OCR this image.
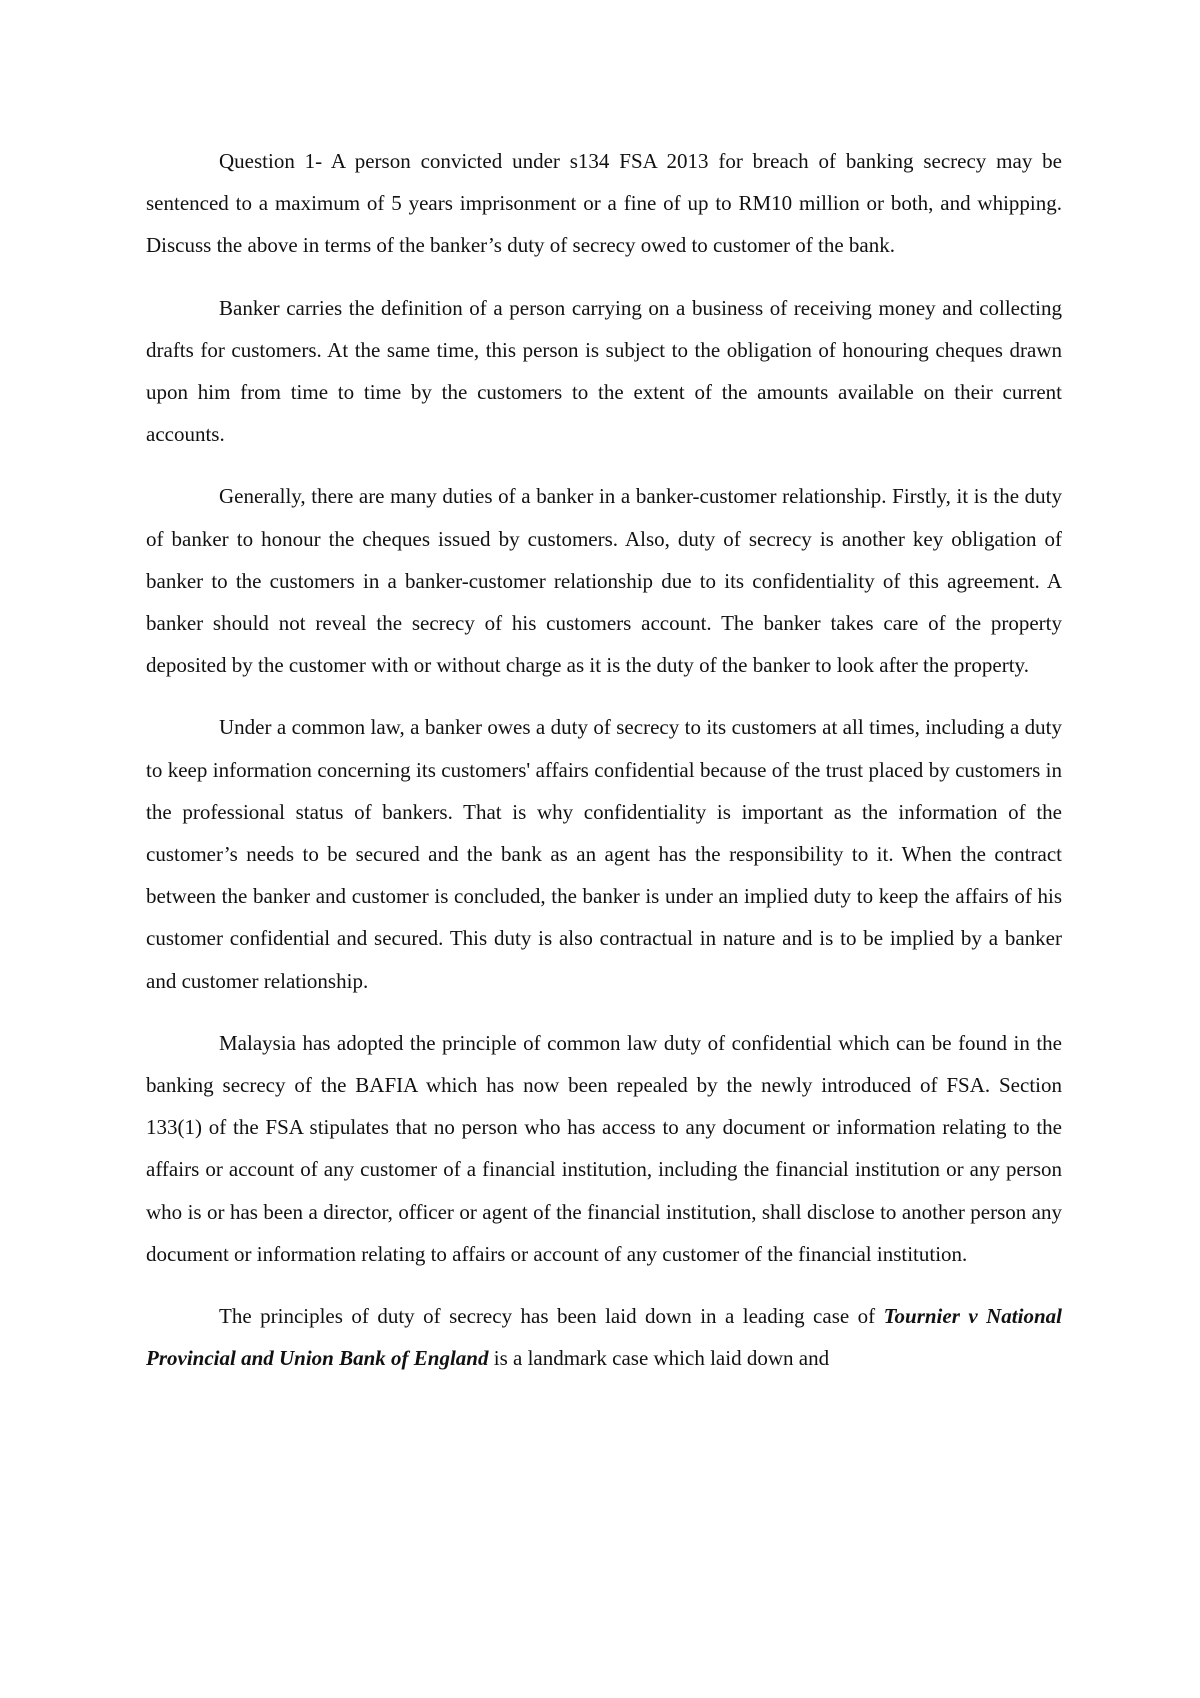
Question 1- A person convicted under s134 FSA 2013 for breach of banking secrecy may be sentenced to a maximum of 5 years imprisonment or a fine of up to RM10 million or both, and whipping. Discuss the above in terms of the banker’s duty of secrecy owed to customer of the bank.

Banker carries the definition of a person carrying on a business of receiving money and collecting drafts for customers. At the same time, this person is subject to the obligation of honouring cheques drawn upon him from time to time by the customers to the extent of the amounts available on their current accounts.

Generally, there are many duties of a banker in a banker-customer relationship. Firstly, it is the duty of banker to honour the cheques issued by customers. Also, duty of secrecy is another key obligation of banker to the customers in a banker-customer relationship due to its confidentiality of this agreement. A banker should not reveal the secrecy of his customers account. The banker takes care of the property deposited by the customer with or without charge as it is the duty of the banker to look after the property.

Under a common law, a banker owes a duty of secrecy to its customers at all times, including a duty to keep information concerning its customers' affairs confidential because of the trust placed by customers in the professional status of bankers. That is why confidentiality is important as the information of the customer’s needs to be secured and the bank as an agent has the responsibility to it. When the contract between the banker and customer is concluded, the banker is under an implied duty to keep the affairs of his customer confidential and secured. This duty is also contractual in nature and is to be implied by a banker and customer relationship.

Malaysia has adopted the principle of common law duty of confidential which can be found in the banking secrecy of the BAFIA which has now been repealed by the newly introduced of FSA. Section 133(1) of the FSA stipulates that no person who has access to any document or information relating to the affairs or account of any customer of a financial institution, including the financial institution or any person who is or has been a director, officer or agent of the financial institution, shall disclose to another person any document or information relating to affairs or account of any customer of the financial institution.

The principles of duty of secrecy has been laid down in a leading case of Tournier v National Provincial and Union Bank of England is a landmark case which laid down and
